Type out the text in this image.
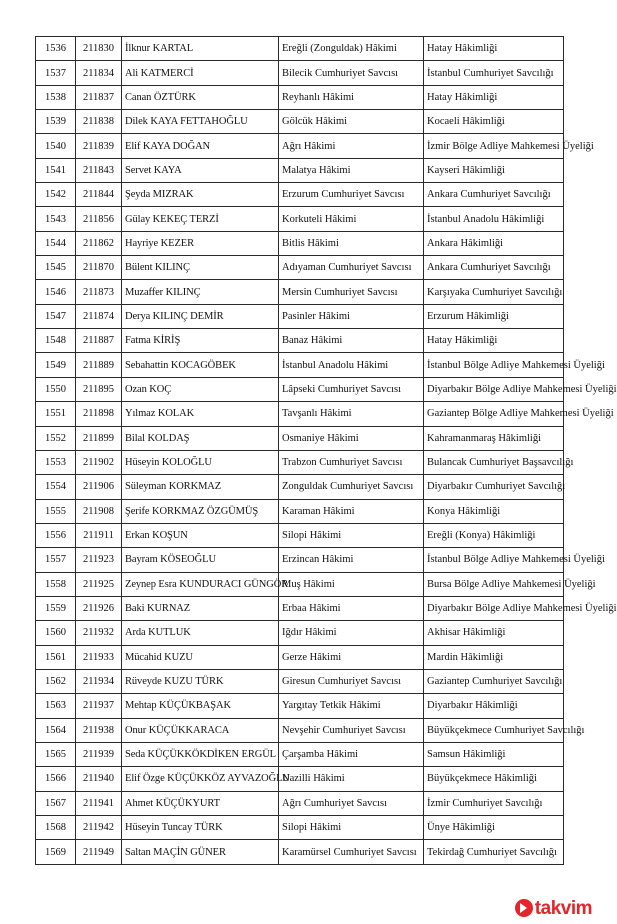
1536	211830	İlknur KARTAL	Ereğli (Zonguldak) Hâkimi	Hatay Hâkimliği
1537	211834	Ali KATMERCİ	Bilecik Cumhuriyet Savcısı	İstanbul Cumhuriyet Savcılığı
1538	211837	Canan ÖZTÜRK	Reyhanlı Hâkimi	Hatay Hâkimliği
1539	211838	Dilek KAYA FETTAHOĞLU	Gölcük Hâkimi	Kocaeli Hâkimliği
1540	211839	Elif KAYA DOĞAN	Ağrı Hâkimi	İzmir Bölge Adliye Mahkemesi Üyeliği
1541	211843	Servet KAYA	Malatya Hâkimi	Kayseri Hâkimliği
1542	211844	Şeyda MIZRAK	Erzurum Cumhuriyet Savcısı	Ankara Cumhuriyet Savcılığı
1543	211856	Gülay KEKEÇ TERZİ	Korkuteli Hâkimi	İstanbul Anadolu Hâkimliği
1544	211862	Hayriye KEZER	Bitlis Hâkimi	Ankara Hâkimliği
1545	211870	Bülent KILINÇ	Adıyaman Cumhuriyet Savcısı	Ankara Cumhuriyet Savcılığı
1546	211873	Muzaffer KILINÇ	Mersin Cumhuriyet Savcısı	Karşıyaka Cumhuriyet Savcılığı
1547	211874	Derya KILINÇ DEMİR	Pasinler Hâkimi	Erzurum Hâkimliği
1548	211887	Fatma KİRİŞ	Banaz Hâkimi	Hatay Hâkimliği
1549	211889	Sebahattin KOCAGÖBEK	İstanbul Anadolu Hâkimi	İstanbul Bölge Adliye Mahkemesi Üyeliği
1550	211895	Ozan KOÇ	Lâpseki Cumhuriyet Savcısı	Diyarbakır Bölge Adliye Mahkemesi Üyeliği
1551	211898	Yılmaz KOLAK	Tavşanlı Hâkimi	Gaziantep Bölge Adliye Mahkemesi Üyeliği
1552	211899	Bilal KOLDAŞ	Osmaniye Hâkimi	Kahramanmaraş Hâkimliği
1553	211902	Hüseyin KOLOĞLU	Trabzon Cumhuriyet Savcısı	Bulancak Cumhuriyet Başsavcılığı
1554	211906	Süleyman KORKMAZ	Zonguldak Cumhuriyet Savcısı	Diyarbakır Cumhuriyet Savcılığı
1555	211908	Şerife KORKMAZ ÖZGÜMÜŞ	Karaman Hâkimi	Konya Hâkimliği
1556	211911	Erkan KOŞUN	Silopi Hâkimi	Ereğli (Konya) Hâkimliği
1557	211923	Bayram KÖSEOĞLU	Erzincan Hâkimi	İstanbul Bölge Adliye Mahkemesi Üyeliği
1558	211925	Zeynep Esra KUNDURACI GÜNGÖR	Muş Hâkimi	Bursa Bölge Adliye Mahkemesi Üyeliği
1559	211926	Baki KURNAZ	Erbaa Hâkimi	Diyarbakır Bölge Adliye Mahkemesi Üyeliği
1560	211932	Arda KUTLUK	Iğdır Hâkimi	Akhisar Hâkimliği
1561	211933	Mücahid KUZU	Gerze Hâkimi	Mardin Hâkimliği
1562	211934	Rüveyde KUZU TÜRK	Giresun Cumhuriyet Savcısı	Gaziantep Cumhuriyet Savcılığı
1563	211937	Mehtap KÜÇÜKBAŞAK	Yargıtay Tetkik Hâkimi	Diyarbakır Hâkimliği
1564	211938	Onur KÜÇÜKKARACA	Nevşehir Cumhuriyet Savcısı	Büyükçekmece Cumhuriyet Savcılığı
1565	211939	Seda KÜÇÜKKÖKDİKEN ERGÜL	Çarşamba Hâkimi	Samsun Hâkimliği
1566	211940	Elif Özge KÜÇÜKKÖZ AYVAZOĞLU	Nazilli Hâkimi	Büyükçekmece Hâkimliği
1567	211941	Ahmet KÜÇÜKYURT	Ağrı Cumhuriyet Savcısı	İzmir Cumhuriyet Savcılığı
1568	211942	Hüseyin Tuncay TÜRK	Silopi Hâkimi	Ünye Hâkimliği
1569	211949	Saltan MAÇİN GÜNER	Karamürsel Cumhuriyet Savcısı	Tekirdağ Cumhuriyet Savcılığı
takvim
